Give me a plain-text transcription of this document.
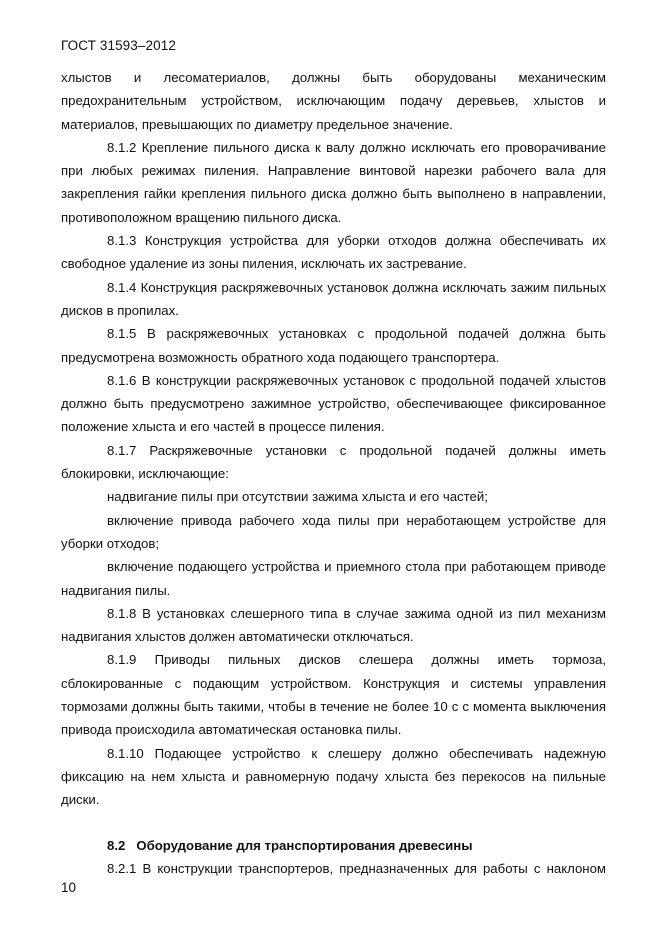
ГОСТ 31593–2012

хлыстов и лесоматериалов, должны быть оборудованы механическим предохранительным устройством, исключающим подачу деревьев, хлыстов и материалов, превышающих по диаметру предельное значение.

8.1.2 Крепление пильного диска к валу должно исключать его проворачивание при любых режимах пиления. Направление винтовой нарезки рабочего вала для закрепления гайки крепления пильного диска должно быть выполнено в направлении, противоположном вращению пильного диска.

8.1.3 Конструкция устройства для уборки отходов должна обеспечивать их свободное удаление из зоны пиления, исключать их застревание.

8.1.4 Конструкция раскряжевочных установок должна исключать зажим пильных дисков в пропилах.

8.1.5 В раскряжевочных установках с продольной подачей должна быть предусмотрена возможность обратного хода подающего транспортера.

8.1.6 В конструкции раскряжевочных установок с продольной подачей хлыстов должно быть предусмотрено зажимное устройство, обеспечивающее фиксированное положение хлыста и его частей в процессе пиления.

8.1.7 Раскряжевочные установки с продольной подачей должны иметь блокировки, исключающие:

надвигание пилы при отсутствии зажима хлыста и его частей;

включение привода рабочего хода пилы при неработающем устройстве для уборки отходов;

включение подающего устройства и приемного стола при работающем приводе надвигания пилы.

8.1.8 В установках слешерного типа в случае зажима одной из пил механизм надвигания хлыстов должен автоматически отключаться.

8.1.9 Приводы пильных дисков слешера должны иметь тормоза, сблокированные с подающим устройством. Конструкция и системы управления тормозами должны быть такими, чтобы в течение не более 10 с с момента выключения привода происходила автоматическая остановка пилы.

8.1.10 Подающее устройство к слешеру должно обеспечивать надежную фиксацию на нем хлыста и равномерную подачу хлыста без перекосов на пильные диски.

8.2   Оборудование для транспортирования древесины

8.2.1 В конструкции транспортеров, предназначенных для работы с наклоном

10
